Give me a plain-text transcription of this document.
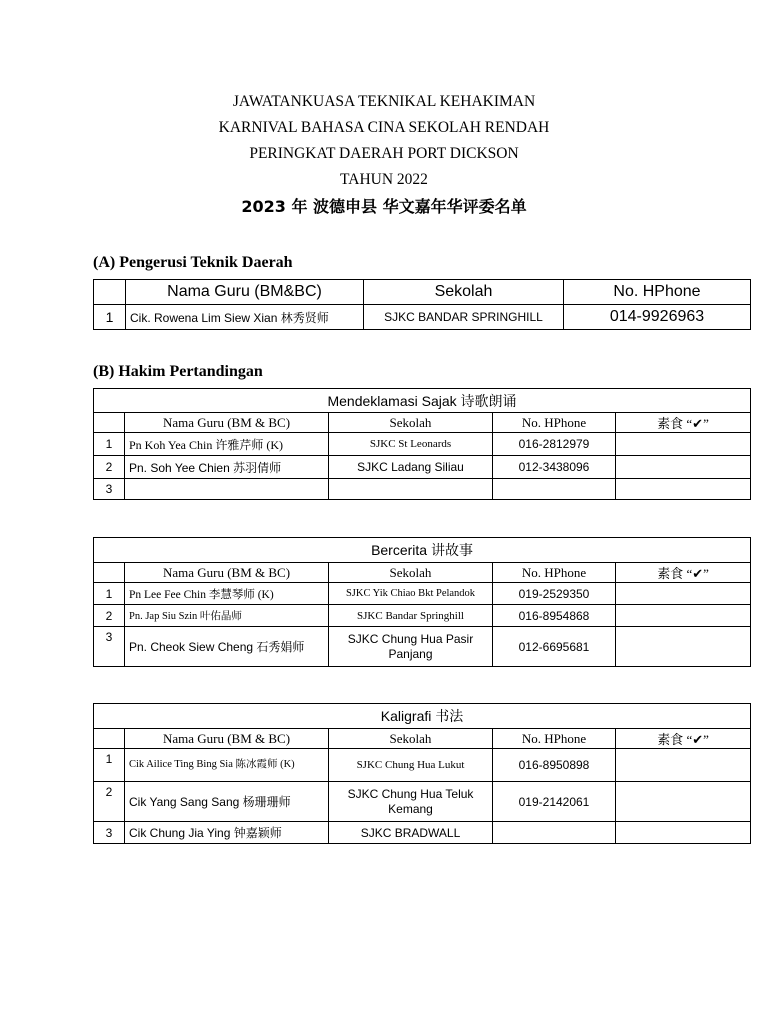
JAWATANKUASA TEKNIKAL KEHAKIMAN
KARNIVAL BAHASA CINA SEKOLAH RENDAH
PERINGKAT DAERAH PORT DICKSON
TAHUN 2022
2023 年 波德申县 华文嘉年华评委名单
(A) Pengerusi Teknik Daerah
	Nama Guru (BM&BC)	Sekolah	No. HPhone
1	Cik. Rowena Lim Siew Xian 林秀贤师	SJKC BANDAR SPRINGHILL	014-9926963
(B) Hakim Pertandingan
Mendeklamasi Sajak 诗歌朗诵				
	Nama Guru (BM & BC)	Sekolah	No. HPhone	素食 “✔”
1	Pn Koh Yea Chin 许雅芹师 (K)	SJKC St Leonards	016-2812979	
2	Pn. Soh Yee Chien 苏羽倩师	SJKC Ladang Siliau	012-3438096	
3				
Bercerita 讲故事				
	Nama Guru (BM & BC)	Sekolah	No. HPhone	素食 “✔”
1	Pn Lee Fee Chin 李慧琴师 (K)	SJKC Yik Chiao Bkt Pelandok	019-2529350	
2	Pn. Jap Siu Szin 叶佑晶师	SJKC Bandar Springhill	016-8954868	
3	Pn. Cheok Siew Cheng 石秀娟师	SJKC Chung Hua Pasir Panjang	012-6695681	
Kaligrafi 书法				
	Nama Guru (BM & BC)	Sekolah	No. HPhone	素食 “✔”
1	Cik Ailice Ting Bing Sia 陈冰霞师 (K)	SJKC Chung Hua Lukut	016-8950898	
2	Cik Yang Sang Sang 杨珊珊师	SJKC Chung Hua Teluk Kemang	019-2142061	
3	Cik Chung Jia Ying 钟嘉颖师	SJKC BRADWALL		
